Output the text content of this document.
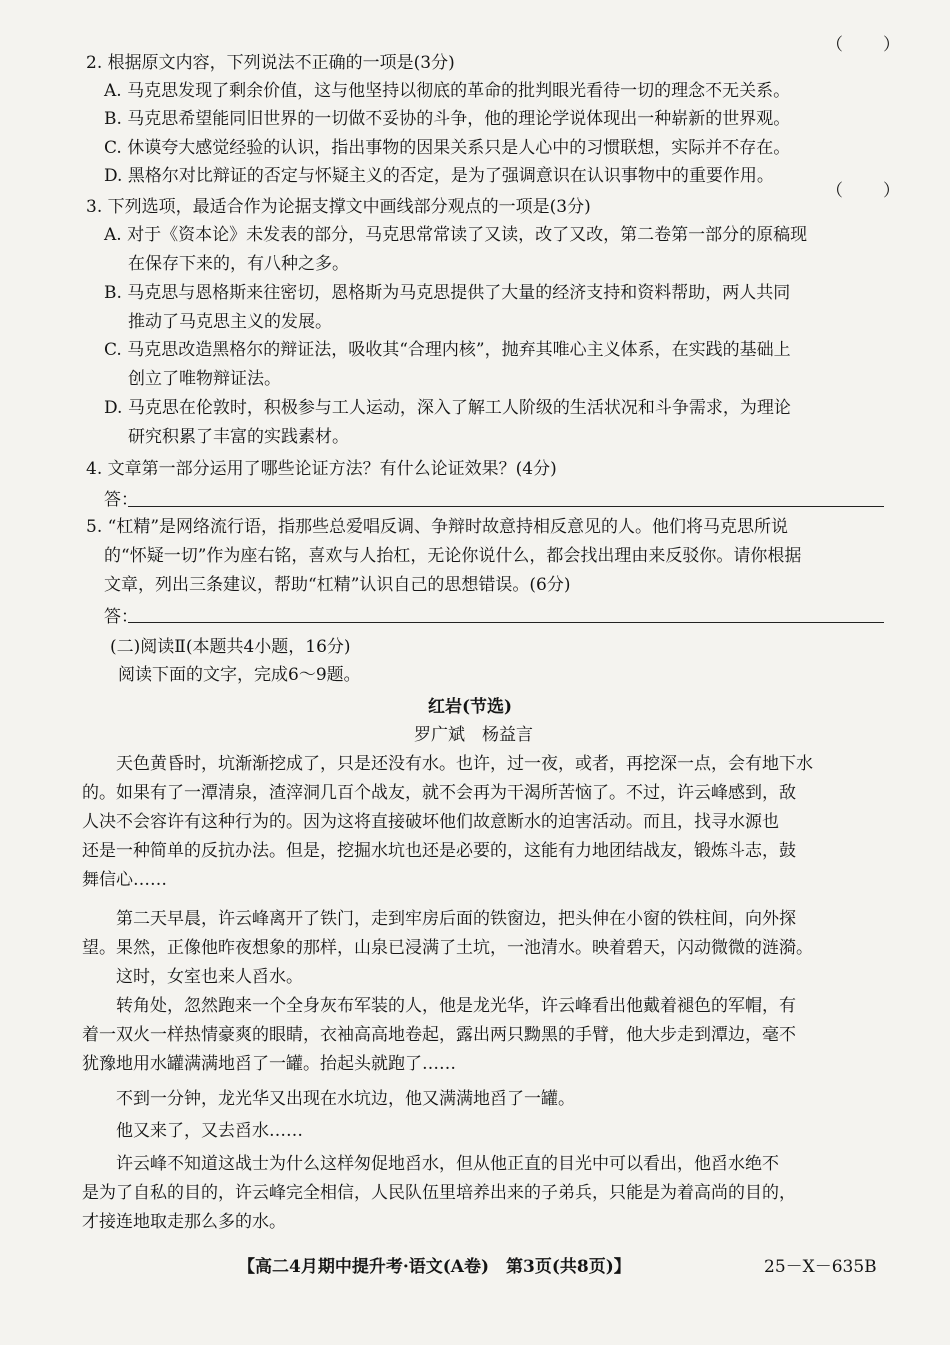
（　　）
2. 根据原文内容，下列说法不正确的一项是(3分)
A. 马克思发现了剩余价值，这与他坚持以彻底的革命的批判眼光看待一切的理念不无关系。
B. 马克思希望能同旧世界的一切做不妥协的斗争，他的理论学说体现出一种崭新的世界观。
C. 休谟夸大感觉经验的认识，指出事物的因果关系只是人心中的习惯联想，实际并不存在。
D. 黑格尔对比辩证的否定与怀疑主义的否定，是为了强调意识在认识事物中的重要作用。
（　　）
3. 下列选项，最适合作为论据支撑文中画线部分观点的一项是(3分)
A. 对于《资本论》未发表的部分，马克思常常读了又读，改了又改，第二卷第一部分的原稿现
在保存下来的，有八种之多。
B. 马克思与恩格斯来往密切，恩格斯为马克思提供了大量的经济支持和资料帮助，两人共同
推动了马克思主义的发展。
C. 马克思改造黑格尔的辩证法，吸收其“合理内核”，抛弃其唯心主义体系，在实践的基础上
创立了唯物辩证法。
D. 马克思在伦敦时，积极参与工人运动，深入了解工人阶级的生活状况和斗争需求，为理论
研究积累了丰富的实践素材。
4. 文章第一部分运用了哪些论证方法？有什么论证效果？(4分)
答：
5. “杠精”是网络流行语，指那些总爱唱反调、争辩时故意持相反意见的人。他们将马克思所说
的“怀疑一切”作为座右铭，喜欢与人抬杠，无论你说什么，都会找出理由来反驳你。请你根据
文章，列出三条建议，帮助“杠精”认识自己的思想错误。(6分)
答：
(二)阅读Ⅱ(本题共4小题，16分)
阅读下面的文字，完成6～9题。
红岩(节选)
罗广斌　杨益言
　　天色黄昏时，坑渐渐挖成了，只是还没有水。也许，过一夜，或者，再挖深一点，会有地下水
的。如果有了一潭清泉，渣滓洞几百个战友，就不会再为干渴所苦恼了。不过，许云峰感到，敌
人决不会容许有这种行为的。因为这将直接破坏他们故意断水的迫害活动。而且，找寻水源也
还是一种简单的反抗办法。但是，挖掘水坑也还是必要的，这能有力地团结战友，锻炼斗志，鼓
舞信心……
　　第二天早晨，许云峰离开了铁门，走到牢房后面的铁窗边，把头伸在小窗的铁柱间，向外探
望。果然，正像他昨夜想象的那样，山泉已浸满了土坑，一池清水。映着碧天，闪动微微的涟漪。
　　这时，女室也来人舀水。
　　转角处，忽然跑来一个全身灰布军装的人，他是龙光华，许云峰看出他戴着褪色的军帽，有
着一双火一样热情豪爽的眼睛，衣袖高高地卷起，露出两只黝黑的手臂，他大步走到潭边，毫不
犹豫地用水罐满满地舀了一罐。抬起头就跑了……
　　不到一分钟，龙光华又出现在水坑边，他又满满地舀了一罐。
　　他又来了，又去舀水……
　　许云峰不知道这战士为什么这样匆促地舀水，但从他正直的目光中可以看出，他舀水绝不
是为了自私的目的，许云峰完全相信，人民队伍里培养出来的子弟兵，只能是为着高尚的目的，
才接连地取走那么多的水。
【高二4月期中提升考·语文(A卷)　第3页(共8页)】	25－X－635B
